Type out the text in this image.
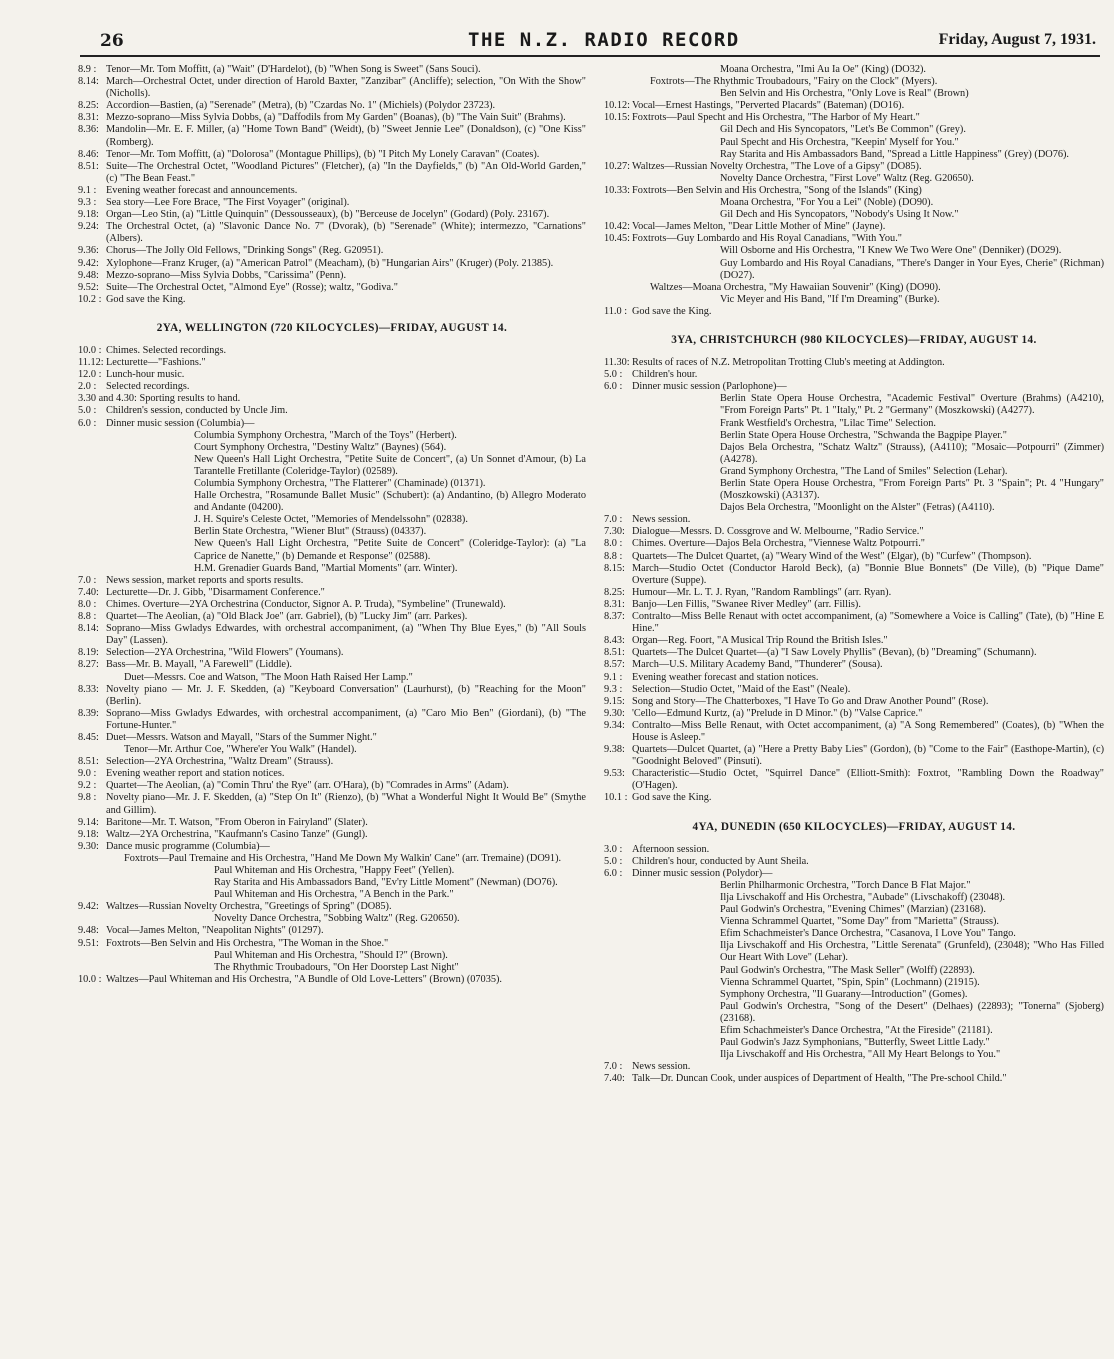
26	THE N.Z. RADIO RECORD	Friday, August 7, 1931.
8.9 : Tenor—Mr. Tom Moffitt, (a) "Wait" (D'Hardelot), (b) "When Song is Sweet" (Sans Souci).
8.14: March—Orchestral Octet, under direction of Harold Baxter, "Zanzibar" (Ancliffe); selection, "On With the Show" (Nicholls).
8.25: Accordion—Bastien, (a) "Serenade" (Metra), (b) "Czardas No. 1" (Michiels) (Polydor 23723).
8.31: Mezzo-soprano—Miss Sylvia Dobbs, (a) "Daffodils from My Garden" (Boanas), (b) "The Vain Suit" (Brahms).
8.36: Mandolin—Mr. E. F. Miller, (a) "Home Town Band" (Weidt), (b) "Sweet Jennie Lee" (Donaldson), (c) "One Kiss" (Romberg).
8.46: Tenor—Mr. Tom Moffitt, (a) "Dolorosa" (Montague Phillips), (b) "I Pitch My Lonely Caravan" (Coates).
8.51: Suite—The Orchestral Octet, "Woodland Pictures" (Fletcher), (a) "In the Dayfields," (b) "An Old-World Garden," (c) "The Bean Feast."
9.1 : Evening weather forecast and announcements.
9.3 : Sea story—Lee Fore Brace, "The First Voyager" (original).
9.18: Organ—Leo Stin, (a) "Little Quinquin" (Dessousseaux), (b) "Berceuse de Jocelyn" (Godard) (Poly. 23167).
9.24: The Orchestral Octet, (a) "Slavonic Dance No. 7" (Dvorak), (b) "Serenade" (White); intermezzo, "Carnations" (Albers).
9.36: Chorus—The Jolly Old Fellows, "Drinking Songs" (Reg. G20951).
9.42: Xylophone—Franz Kruger, (a) "American Patrol" (Meacham), (b) "Hungarian Airs" (Kruger) (Poly. 21385).
9.48: Mezzo-soprano—Miss Sylvia Dobbs, "Carissima" (Penn).
9.52: Suite—The Orchestral Octet, "Almond Eye" (Rosse); waltz, "Godiva."
10.2 : God save the King.
2YA, WELLINGTON (720 KILOCYCLES)—FRIDAY, AUGUST 14.
10.0 : Chimes. Selected recordings.
11.12: Lecturette—"Fashions."
12.0 : Lunch-hour music.
2.0 : Selected recordings.
3.30 and 4.30: Sporting results to hand.
5.0 : Children's session, conducted by Uncle Jim.
6.0 : Dinner music session (Columbia)—
Columbia Symphony Orchestra, "March of the Toys" (Herbert).
Court Symphony Orchestra, "Destiny Waltz" (Baynes) (564).
New Queen's Hall Light Orchestra, "Petite Suite de Concert", (a) Un Sonnet d'Amour, (b) La Tarantelle Fretillante (Coleridge-Taylor) (02589).
Columbia Symphony Orchestra, "The Flatterer" (Chaminade) (01371).
Halle Orchestra, "Rosamunde Ballet Music" (Schubert): (a) Andantino, (b) Allegro Moderato and Andante (04200).
J. H. Squire's Celeste Octet, "Memories of Mendelssohn" (02838).
Berlin State Orchestra, "Wiener Blut" (Strauss) (04337).
New Queen's Hall Light Orchestra, "Petite Suite de Concert" (Coleridge-Taylor): (a) "La Caprice de Nanette," (b) Demande et Response" (02588).
H.M. Grenadier Guards Band, "Martial Moments" (arr. Winter).
7.0 : News session, market reports and sports results.
7.40: Lecturette—Dr. J. Gibb, "Disarmament Conference."
8.0 : Chimes. Overture—2YA Orchestrina (Conductor, Signor A. P. Truda), "Symbeline" (Trunewald).
8.8 : Quartet—The Aeolian, (a) "Old Black Joe" (arr. Gabriel), (b) "Lucky Jim" (arr. Parkes).
8.14: Soprano—Miss Gwladys Edwardes, with orchestral accompaniment, (a) "When Thy Blue Eyes," (b) "All Souls Day" (Lassen).
8.19: Selection—2YA Orchestrina, "Wild Flowers" (Youmans).
8.27: Bass—Mr. B. Mayall, "A Farewell" (Liddle).
Duet—Messrs. Coe and Watson, "The Moon Hath Raised Her Lamp."
8.33: Novelty piano — Mr. J. F. Skedden, (a) "Keyboard Conversation" (Laurhurst), (b) "Reaching for the Moon" (Berlin).
8.39: Soprano—Miss Gwladys Edwardes, with orchestral accompaniment, (a) "Caro Mio Ben" (Giordani), (b) "The Fortune-Hunter."
8.45: Duet—Messrs. Watson and Mayall, "Stars of the Summer Night."
Tenor—Mr. Arthur Coe, "Where'er You Walk" (Handel).
8.51: Selection—2YA Orchestrina, "Waltz Dream" (Strauss).
9.0 : Evening weather report and station notices.
9.2 : Quartet—The Aeolian, (a) "Comin Thru' the Rye" (arr. O'Hara), (b) "Comrades in Arms" (Adam).
9.8 : Novelty piano—Mr. J. F. Skedden, (a) "Step On It" (Rienzo), (b) "What a Wonderful Night It Would Be" (Smythe and Gillim).
9.14: Baritone—Mr. T. Watson, "From Oberon in Fairyland" (Slater).
9.18: Waltz—2YA Orchestrina, "Kaufmann's Casino Tanze" (Gungl).
9.30: Dance music programme (Columbia)—
Foxtrots—Paul Tremaine and His Orchestra, "Hand Me Down My Walkin' Cane" (arr. Tremaine) (DO91).
Paul Whiteman and His Orchestra, "Happy Feet" (Yellen).
Ray Starita and His Ambassadors Band, "Ev'ry Little Moment" (Newman) (DO76).
Paul Whiteman and His Orchestra, "A Bench in the Park."
9.42: Waltzes—Russian Novelty Orchestra, "Greetings of Spring" (DO85).
Novelty Dance Orchestra, "Sobbing Waltz" (Reg. G20650).
9.48: Vocal—James Melton, "Neapolitan Nights" (01297).
9.51: Foxtrots—Ben Selvin and His Orchestra, "The Woman in the Shoe."
Paul Whiteman and His Orchestra, "Should I?" (Brown).
The Rhythmic Troubadours, "On Her Doorstep Last Night"
10.0 : Waltzes—Paul Whiteman and His Orchestra, "A Bundle of Old Love-Letters" (Brown) (07035).
Moana Orchestra, "Imi Au Ia Oe" (King) (DO32).
Foxtrots—The Rhythmic Troubadours, "Fairy on the Clock" (Myers).
Ben Selvin and His Orchestra, "Only Love is Real" (Brown)
10.12: Vocal—Ernest Hastings, "Perverted Placards" (Bateman) (DO16).
10.15: Foxtrots—Paul Specht and His Orchestra, "The Harbor of My Heart."
Gil Dech and His Syncopators, "Let's Be Common" (Grey).
Paul Specht and His Orchestra, "Keepin' Myself for You."
Ray Starita and His Ambassadors Band, "Spread a Little Happiness" (Grey) (DO76).
10.27: Waltzes—Russian Novelty Orchestra, "The Love of a Gipsy" (DO85).
Novelty Dance Orchestra, "First Love" Waltz (Reg. G20650).
10.33: Foxtrots—Ben Selvin and His Orchestra, "Song of the Islands" (King)
Moana Orchestra, "For You a Lei" (Noble) (DO90).
Gil Dech and His Syncopators, "Nobody's Using It Now."
10.42: Vocal—James Melton, "Dear Little Mother of Mine" (Jayne).
10.45: Foxtrots—Guy Lombardo and His Royal Canadians, "With You."
Will Osborne and His Orchestra, "I Knew We Two Were One" (Denniker) (DO29).
Guy Lombardo and His Royal Canadians, "There's Danger in Your Eyes, Cherie" (Richman) (DO27).
Waltzes—Moana Orchestra, "My Hawaiian Souvenir" (King) (DO90).
Vic Meyer and His Band, "If I'm Dreaming" (Burke).
11.0 : God save the King.
3YA, CHRISTCHURCH (980 KILOCYCLES)—FRIDAY, AUGUST 14.
11.30: Results of races of N.Z. Metropolitan Trotting Club's meeting at Addington.
5.0 : Children's hour.
6.0 : Dinner music session (Parlophone)—
Berlin State Opera House Orchestra, "Academic Festival" Overture (Brahms) (A4210), "From Foreign Parts" Pt. 1 "Italy," Pt. 2 "Germany" (Moszkowski) (A4277).
Frank Westfield's Orchestra, "Lilac Time" Selection.
Berlin State Opera House Orchestra, "Schwanda the Bagpipe Player."
Dajos Bela Orchestra, "Schatz Waltz" (Strauss), (A4110); "Mosaic—Potpourri" (Zimmer) (A4278).
Grand Symphony Orchestra, "The Land of Smiles" Selection (Lehar).
Berlin State Opera House Orchestra, "From Foreign Parts" Pt. 3 "Spain"; Pt. 4 "Hungary" (Moszkowski) (A3137).
Dajos Bela Orchestra, "Moonlight on the Alster" (Fetras) (A4110).
7.0 : News session.
7.30: Dialogue—Messrs. D. Cossgrove and W. Melbourne, "Radio Service."
8.0 : Chimes. Overture—Dajos Bela Orchestra, "Viennese Waltz Potpourri."
8.8 : Quartets—The Dulcet Quartet, (a) "Weary Wind of the West" (Elgar), (b) "Curfew" (Thompson).
8.15: March—Studio Octet (Conductor Harold Beck), (a) "Bonnie Blue Bonnets" (De Ville), (b) "Pique Dame" Overture (Suppe).
8.25: Humour—Mr. L. T. J. Ryan, "Random Ramblings" (arr. Ryan).
8.31: Banjo—Len Fillis, "Swanee River Medley" (arr. Fillis).
8.37: Contralto—Miss Belle Renaut with octet accompaniment, (a) "Somewhere a Voice is Calling" (Tate), (b) "Hine E Hine."
8.43: Organ—Reg. Foort, "A Musical Trip Round the British Isles."
8.51: Quartets—The Dulcet Quartet—(a) "I Saw Lovely Phyllis" (Bevan), (b) "Dreaming" (Schumann).
8.57: March—U.S. Military Academy Band, "Thunderer" (Sousa).
9.1 : Evening weather forecast and station notices.
9.3 : Selection—Studio Octet, "Maid of the East" (Neale).
9.15: Song and Story—The Chatterboxes, "I Have To Go and Draw Another Pound" (Rose).
9.30: 'Cello—Edmund Kurtz, (a) "Prelude in D Minor." (b) "Valse Caprice."
9.34: Contralto—Miss Belle Renaut, with Octet accompaniment, (a) "A Song Remembered" (Coates), (b) "When the House is Asleep."
9.38: Quartets—Dulcet Quartet, (a) "Here a Pretty Baby Lies" (Gordon), (b) "Come to the Fair" (Easthope-Martin), (c) "Goodnight Beloved" (Pinsuti).
9.53: Characteristic—Studio Octet, "Squirrel Dance" (Elliott-Smith): Foxtrot, "Rambling Down the Roadway" (O'Hagen).
10.1 : God save the King.
4YA, DUNEDIN (650 KILOCYCLES)—FRIDAY, AUGUST 14.
3.0 : Afternoon session.
5.0 : Children's hour, conducted by Aunt Sheila.
6.0 : Dinner music session (Polydor)—
Berlin Philharmonic Orchestra, "Torch Dance B Flat Major."
Ilja Livschakoff and His Orchestra, "Aubade" (Livschakoff) (23048).
Paul Godwin's Orchestra, "Evening Chimes" (Marzian) (23168).
Vienna Schrammel Quartet, "Some Day" from "Marietta" (Strauss).
Efim Schachmeister's Dance Orchestra, "Casanova, I Love You" Tango.
Ilja Livschakoff and His Orchestra, "Little Serenata" (Grunfeld), (23048); "Who Has Filled Our Heart With Love" (Lehar).
Paul Godwin's Orchestra, "The Mask Seller" (Wolff) (22893).
Vienna Schrammel Quartet, "Spin, Spin" (Lochmann) (21915).
Symphony Orchestra, "Il Guarany—Introduction" (Gomes).
Paul Godwin's Orchestra, "Song of the Desert" (Delhaes) (22893); "Tonerna" (Sjoberg) (23168).
Efim Schachmeister's Dance Orchestra, "At the Fireside" (21181).
Paul Godwin's Jazz Symphonians, "Butterfly, Sweet Little Lady."
Ilja Livschakoff and His Orchestra, "All My Heart Belongs to You."
7.0 : News session.
7.40: Talk—Dr. Duncan Cook, under auspices of Department of Health, "The Pre-school Child."
